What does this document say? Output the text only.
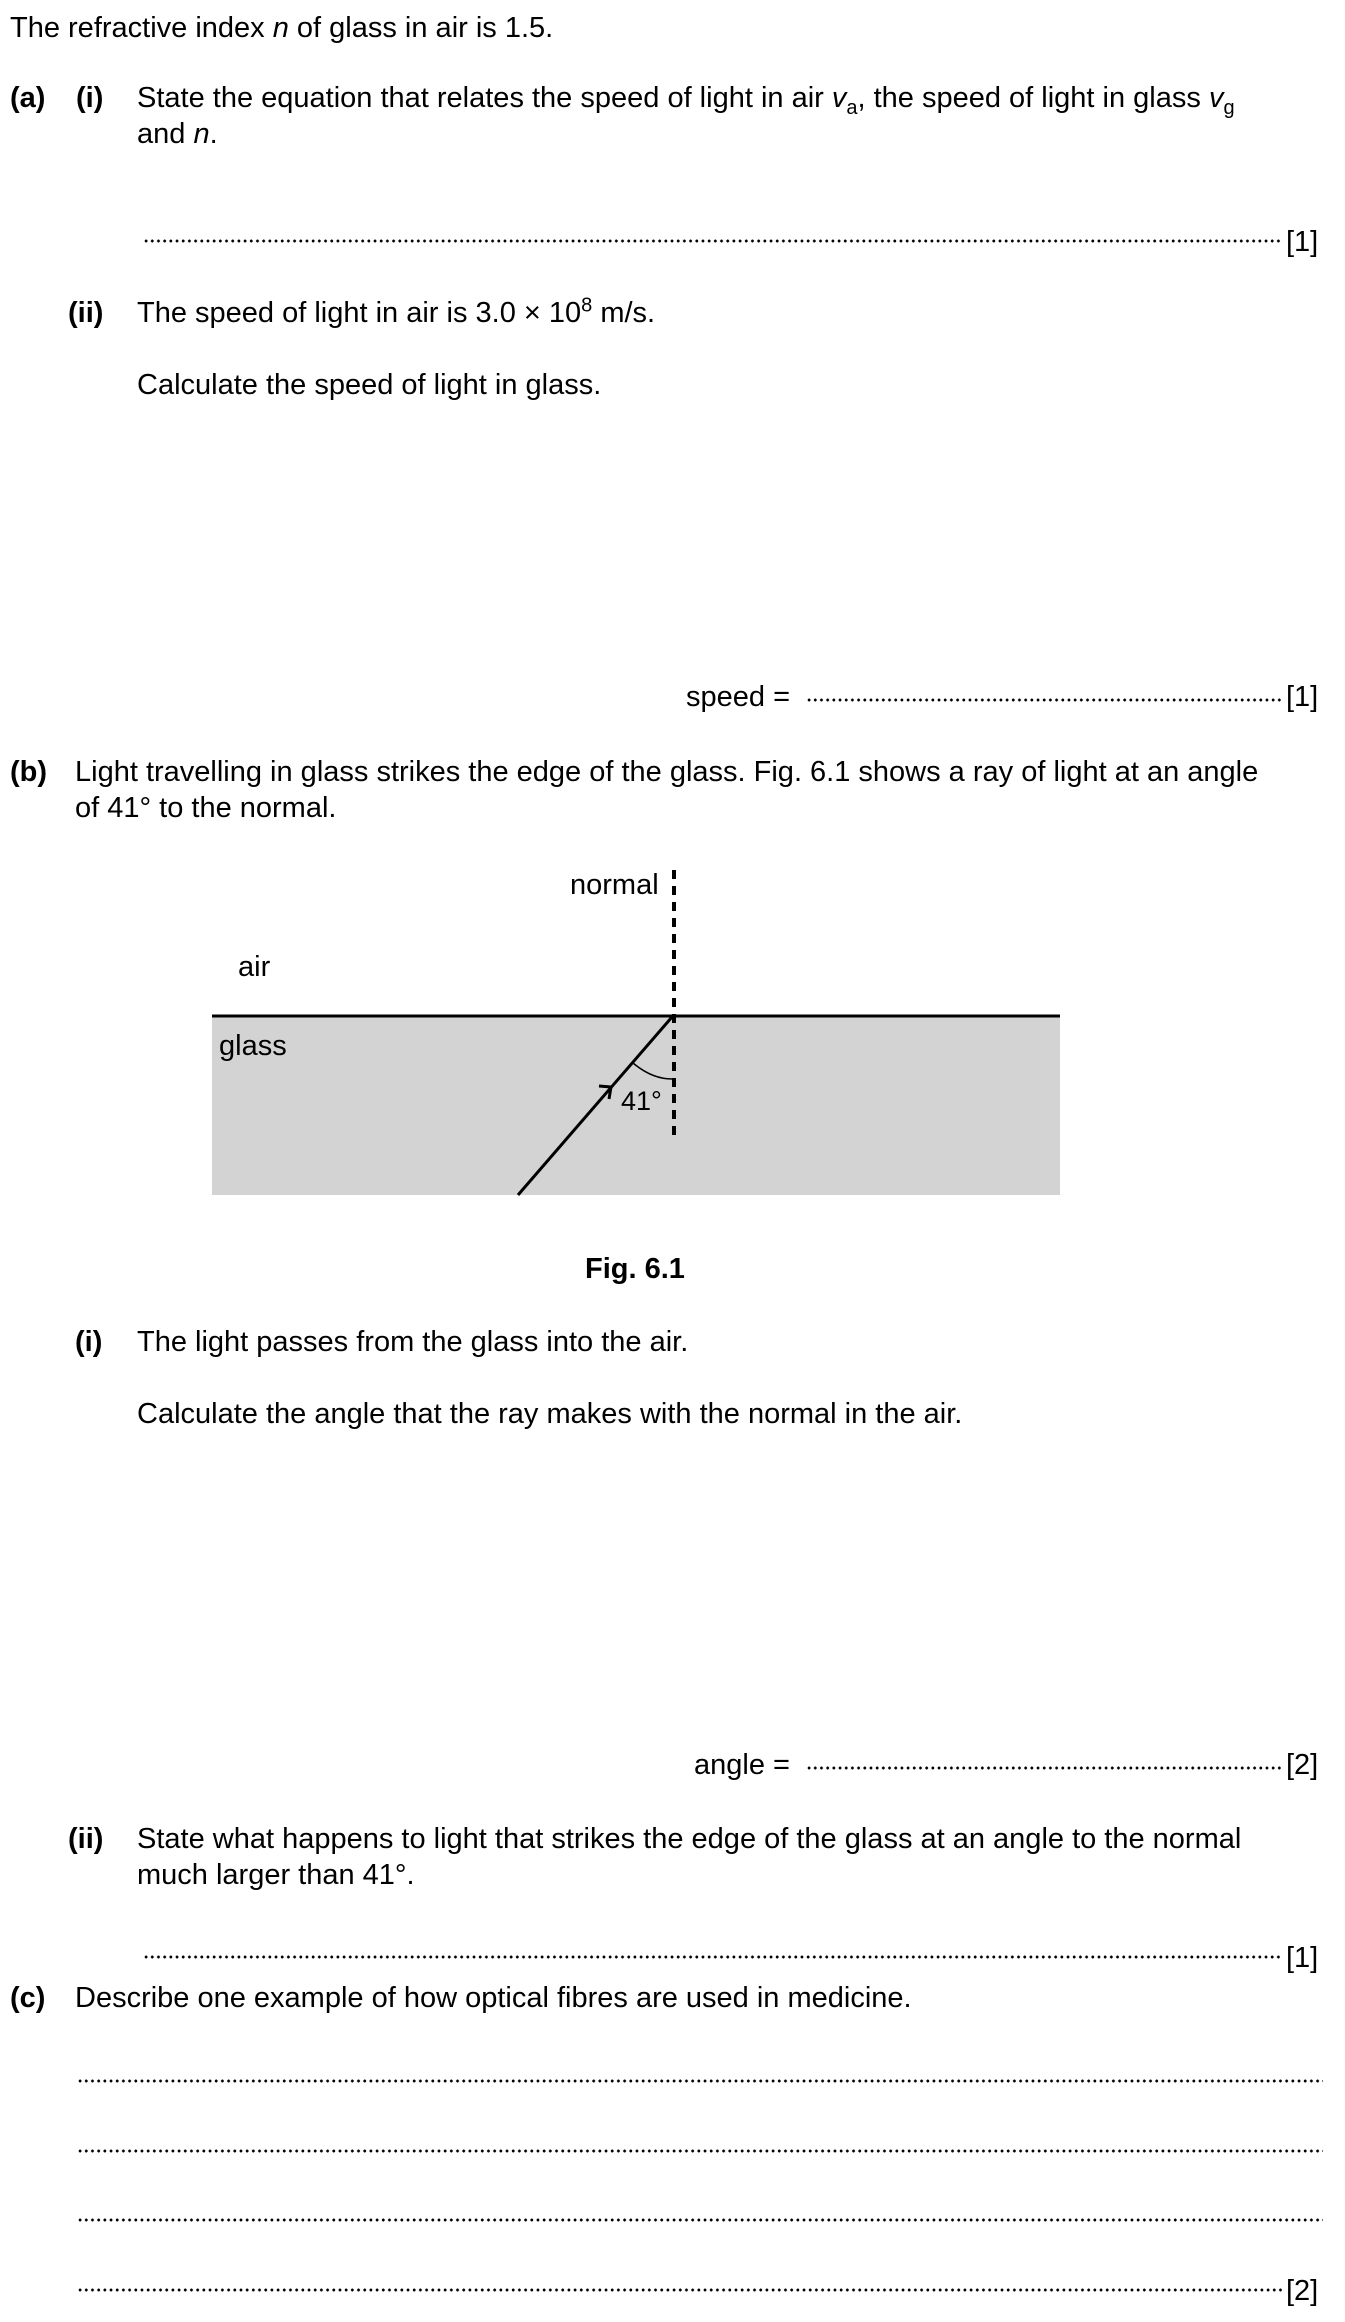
The refractive index n of glass in air is 1.5.
(a) (i) State the equation that relates the speed of light in air $v_a$, the speed of light in glass $v_g$
and n.
[1]
(ii) The speed of light in air is $3.0 \times 10^8$ m/s.
Calculate the speed of light in glass.
speed =	[1]
(b) Light travelling in glass strikes the edge of the glass. Fig. 6.1 shows a ray of light at an angle
of 41° to the normal.
normal
air
glass
41°
Fig. 6.1
(i) The light passes from the glass into the air.
Calculate the angle that the ray makes with the normal in the air.
angle =	[2]
(ii) State what happens to light that strikes the edge of the glass at an angle to the normal
much larger than 41°.
[1]
(c) Describe one example of how optical fibres are used in medicine.
[2]
